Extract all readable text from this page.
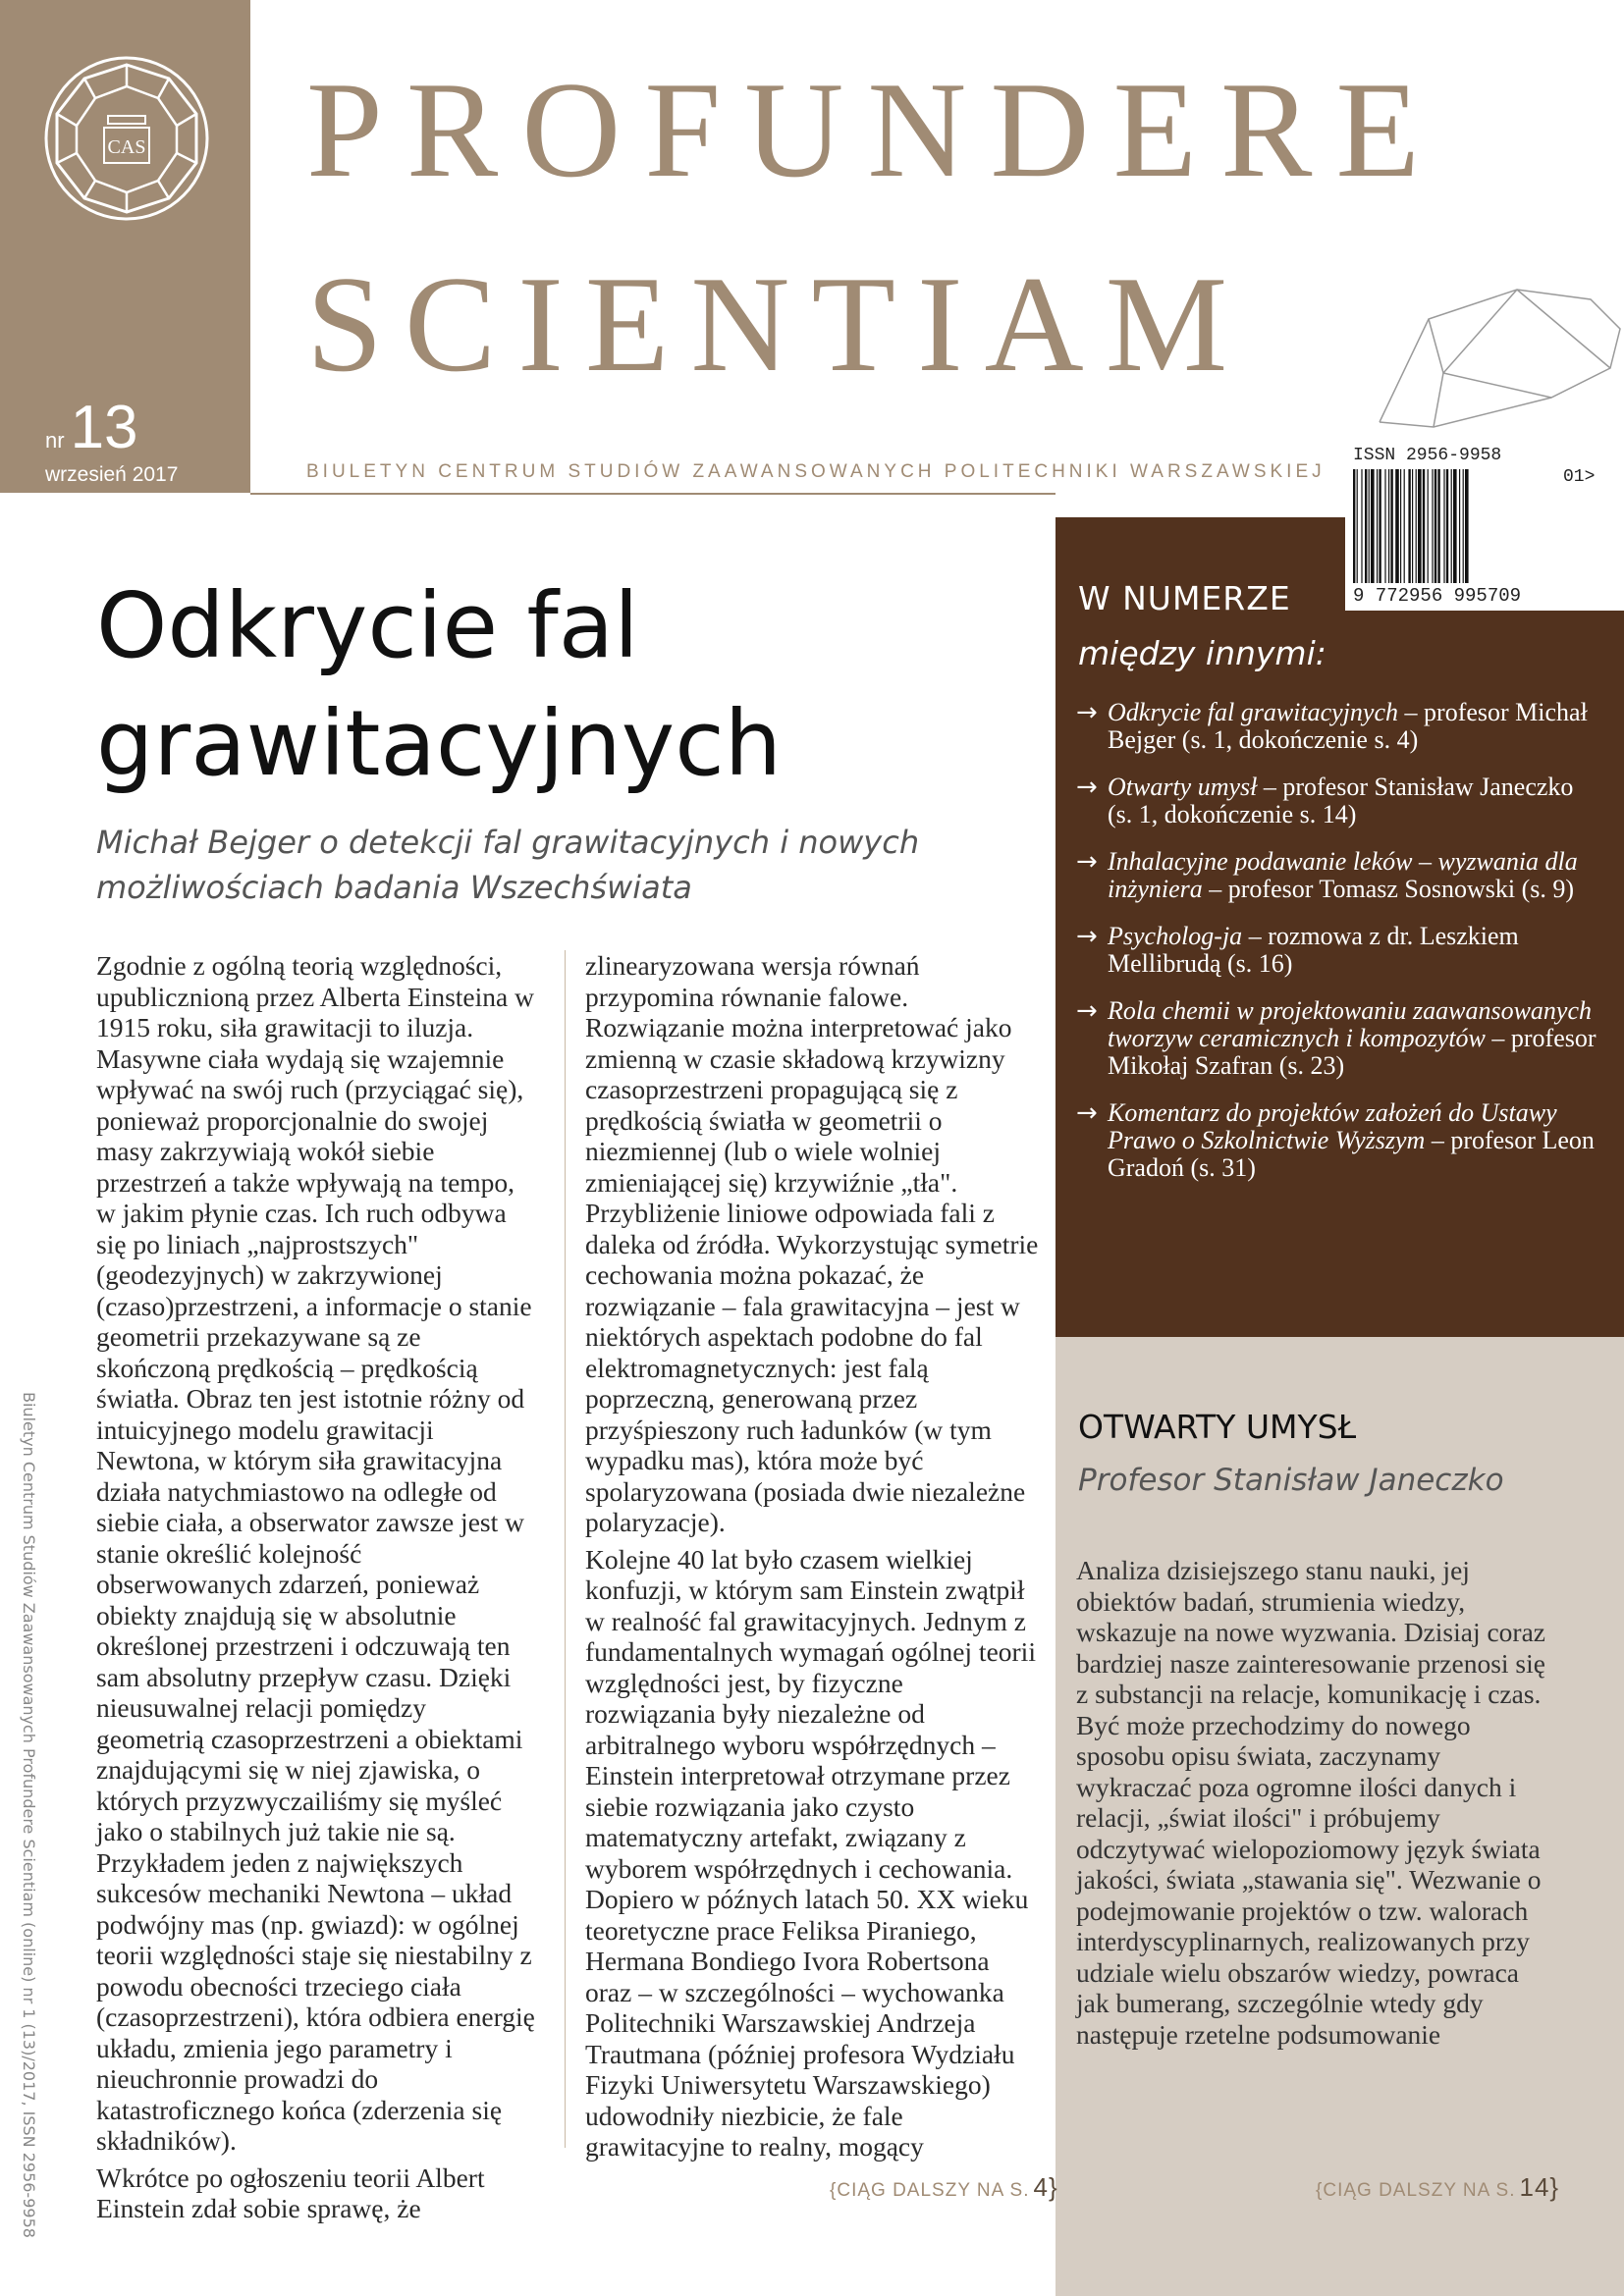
CAS
nr13
wrzesień 2017
PROFUNDERE
SCIENTIAM
BIULETYN CENTRUM STUDIÓW ZAAWANSOWANYCH POLITECHNIKI WARSZAWSKIEJ
ISSN 2956-9958
01>
9 772956 995709
W NUMERZE
między innymi:
→ Odkrycie fal grawitacyjnych – profesor Michał Bejger (s. 1, dokończenie s. 4)
→ Otwarty umysł – profesor Stanisław Janeczko (s. 1, dokończenie s. 14)
→ Inhalacyjne podawanie leków – wyzwania dla inżyniera – profesor Tomasz Sosnowski (s. 9)
→ Psycholog-ja – rozmowa z dr. Leszkiem Mellibrudą (s. 16)
→ Rola chemii w projektowaniu zaawansowanych tworzyw ceramicznych i kompozytów – profesor Mikołaj Szafran (s. 23)
→ Komentarz do projektów założeń do Ustawy Prawo o Szkolnictwie Wyższym – profesor Leon Gradoń (s. 31)
OTWARTY UMYSŁ
Profesor Stanisław Janeczko
Analiza dzisiejszego stanu nauki, jej obiektów badań, strumienia wiedzy, wskazuje na nowe wyzwania. Dzisiaj coraz bardziej nasze zainteresowanie przenosi się z substancji na relacje, komunikację i czas. Być może przechodzimy do nowego sposobu opisu świata, zaczynamy wykraczać poza ogromne ilości danych i relacji, „świat ilości" i próbujemy odczytywać wielopoziomowy język świata jakości, świata „stawania się". Wezwanie o podejmowanie projektów o tzw. walorach interdyscyplinarnych, realizowanych przy udziale wielu obszarów wiedzy, powraca jak bumerang, szczególnie wtedy gdy następuje rzetelne podsumowanie
{CIĄG DALSZY NA S. 14}
Odkrycie fal
grawitacyjnych
Michał Bejger o detekcji fal grawitacyjnych i nowych możliwościach badania Wszechświata

Zgodnie z ogólną teorią względności, upublicznioną przez Alberta Einsteina w 1915 roku, siła grawitacji to iluzja. Masywne ciała wydają się wzajemnie wpływać na swój ruch (przyciągać się), ponieważ proporcjonalnie do swojej masy zakrzywiają wokół siebie przestrzeń a także wpływają na tempo, w jakim płynie czas. Ich ruch odbywa się po liniach „najprostszych" (geodezyjnych) w zakrzywionej (czaso)przestrzeni, a informacje o stanie geometrii przekazywane są ze skończoną prędkością – prędkością światła. Obraz ten jest istotnie różny od intuicyjnego modelu grawitacji Newtona, w którym siła grawitacyjna działa natychmiastowo na odległe od siebie ciała, a obserwator zawsze jest w stanie określić kolejność obserwowanych zdarzeń, ponieważ obiekty znajdują się w absolutnie określonej przestrzeni i odczuwają ten sam absolutny przepływ czasu. Dzięki nieusuwalnej relacji pomiędzy geometrią czasoprzestrzeni a obiektami znajdującymi się w niej zjawiska, o których przyzwyczailiśmy się myśleć jako o stabilnych już takie nie są. Przykładem jeden z największych sukcesów mechaniki Newtona – układ podwójny mas (np. gwiazd): w ogólnej teorii względności staje się niestabilny z powodu obecności trzeciego ciała (czasoprzestrzeni), która odbiera energię układu, zmienia jego parametry i nieuchronnie prowadzi do katastroficznego końca (zderzenia się składników).

Wkrótce po ogłoszeniu teorii Albert Einstein zdał sobie sprawę, że

zlinearyzowana wersja równań przypomina równanie falowe. Rozwiązanie można interpretować jako zmienną w czasie składową krzywizny czasoprzestrzeni propagującą się z prędkością światła w geometrii o niezmiennej (lub o wiele wolniej zmieniającej się) krzywiźnie „tła". Przybliżenie liniowe odpowiada fali z daleka od źródła. Wykorzystując symetrie cechowania można pokazać, że rozwiązanie – fala grawitacyjna – jest w niektórych aspektach podobne do fal elektromagnetycznych: jest falą poprzeczną, generowaną przez przyśpieszony ruch ładunków (w tym wypadku mas), która może być spolaryzowana (posiada dwie niezależne polaryzacje).

Kolejne 40 lat było czasem wielkiej konfuzji, w którym sam Einstein zwątpił w realność fal grawitacyjnych. Jednym z fundamentalnych wymagań ogólnej teorii względności jest, by fizyczne rozwiązania były niezależne od arbitralnego wyboru współrzędnych – Einstein interpretował otrzymane przez siebie rozwiązania jako czysto matematyczny artefakt, związany z wyborem współrzędnych i cechowania. Dopiero w późnych latach 50. XX wieku teoretyczne prace Feliksa Piraniego, Hermana Bondiego Ivora Robertsona oraz – w szczególności – wychowanka Politechniki Warszawskiej Andrzeja Trautmana (później profesora Wydziału Fizyki Uniwersytetu Warszawskiego) udowodniły niezbicie, że fale grawitacyjne to realny, mogący

{CIĄG DALSZY NA S. 4}
Biuletyn Centrum Studiów Zaawansowanych Profundere Scientiam (online) nr 1 (13)/2017, ISSN 2956-9958
